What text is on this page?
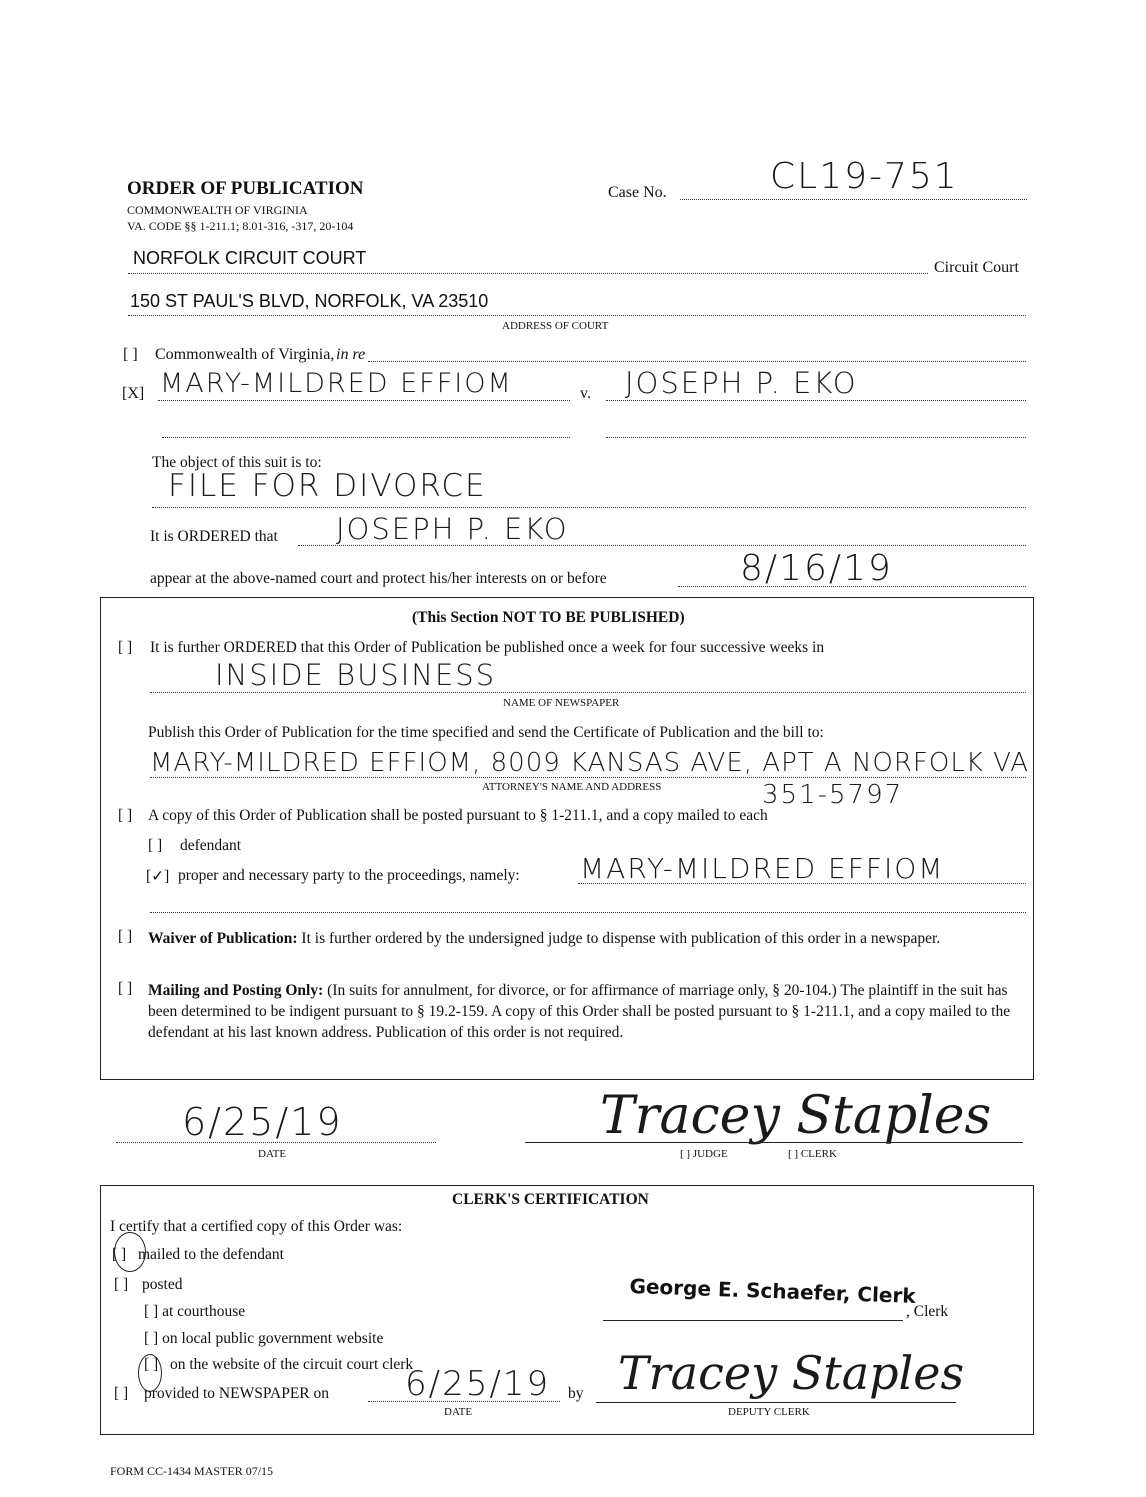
ORDER OF PUBLICATION
COMMONWEALTH OF VIRGINIA
VA. CODE §§ 1-211.1; 8.01-316, -317, 20-104
Case No.	CL19-751
NORFOLK CIRCUIT COURT	Circuit Court
150 ST PAUL'S BLVD, NORFOLK, VA 23510
ADDRESS OF COURT
[ ] Commonwealth of Virginia, in re
[X] MARY-MILDRED EFFIOM	v. JOSEPH P. EKO
The object of this suit is to:
FILE FOR DIVORCE
It is ORDERED that JOSEPH P. EKO
appear at the above-named court and protect his/her interests on or before	8/16/19
(This Section NOT TO BE PUBLISHED)
[ ] It is further ORDERED that this Order of Publication be published once a week for four successive weeks in
INSIDE BUSINESS
NAME OF NEWSPAPER
Publish this Order of Publication for the time specified and send the Certificate of Publication and the bill to:
MARY-MILDRED EFFIOM, 8009 KANSAS AVE, APT A NORFOLK VA
ATTORNEY'S NAME AND ADDRESS	351-5797
[ ] A copy of this Order of Publication shall be posted pursuant to § 1-211.1, and a copy mailed to each
[ ] defendant
[✓] proper and necessary party to the proceedings, namely: MARY-MILDRED EFFIOM
[ ] Waiver of Publication: It is further ordered by the undersigned judge to dispense with publication of this order in a newspaper.
[ ] Mailing and Posting Only: (In suits for annulment, for divorce, or for affirmance of marriage only, § 20-104.) The plaintiff in the suit has been determined to be indigent pursuant to § 19.2-159. A copy of this Order shall be posted pursuant to § 1-211.1, and a copy mailed to the defendant at his last known address. Publication of this order is not required.
6/25/19
DATE
Tracey Staples
[ ] JUDGE	[ ] CLERK
CLERK'S CERTIFICATION
I certify that a certified copy of this Order was:
[ ] mailed to the defendant
[ ] posted
[ ] at courthouse
[ ] on local public government website
[ ] on the website of the circuit court clerk
[ ] provided to NEWSPAPER on 6/25/19
DATE
by
George E. Schaefer, Clerk
, Clerk
Tracey Staples
DEPUTY CLERK
FORM CC-1434 MASTER 07/15
